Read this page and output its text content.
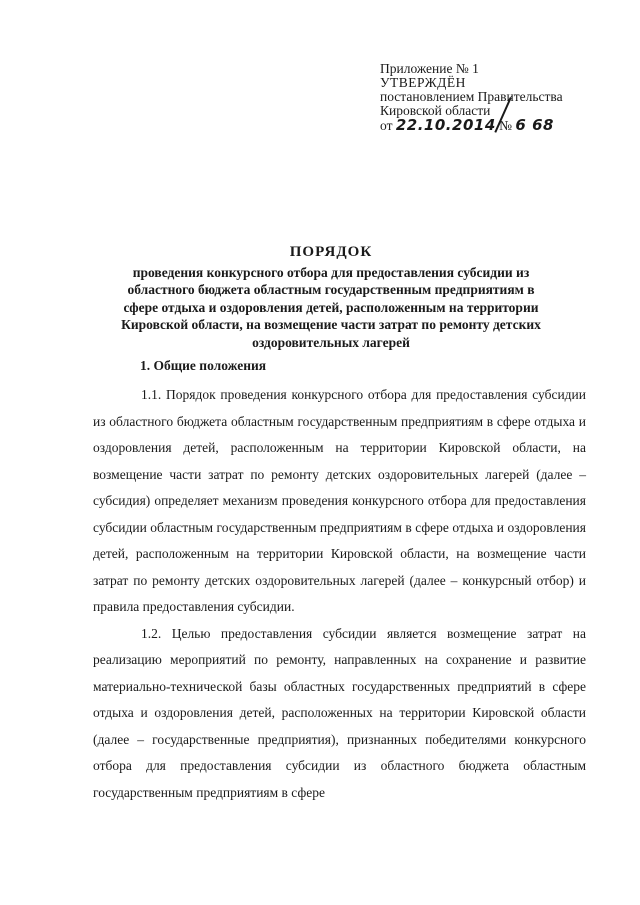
Приложение № 1

УТВЕРЖДЁН

постановлением Правительства

Кировской области

от 22.10.2014 № 6 68

ПОРЯДОК
проведения конкурсного отбора для предоставления субсидии из
областного бюджета областным государственным предприятиям в
сфере отдыха и оздоровления детей, расположенным на территории
Кировской области, на возмещение части затрат по ремонту детских
оздоровительных лагерей
1. Общие положения

1.1. Порядок проведения конкурсного отбора для предоставления субсидии из областного бюджета областным государственным предприятиям в сфере отдыха и оздоровления детей, расположенным на территории Кировской области, на возмещение части затрат по ремонту детских оздоровительных лагерей (далее – субсидия) определяет механизм проведения конкурсного отбора для предоставления субсидии областным государственным предприятиям в сфере отдыха и оздоровления детей, расположенным на территории Кировской области, на возмещение части затрат по ремонту детских оздоровительных лагерей (далее – конкурсный отбор) и правила предоставления субсидии.

1.2. Целью предоставления субсидии является возмещение затрат на реализацию мероприятий по ремонту, направленных на сохранение и развитие материально-технической базы областных государственных предприятий в сфере отдыха и оздоровления детей, расположенных на территории Кировской области (далее – государственные предприятия), признанных победителями конкурсного отбора для предоставления субсидии из областного бюджета областным государственным предприятиям в сфере
